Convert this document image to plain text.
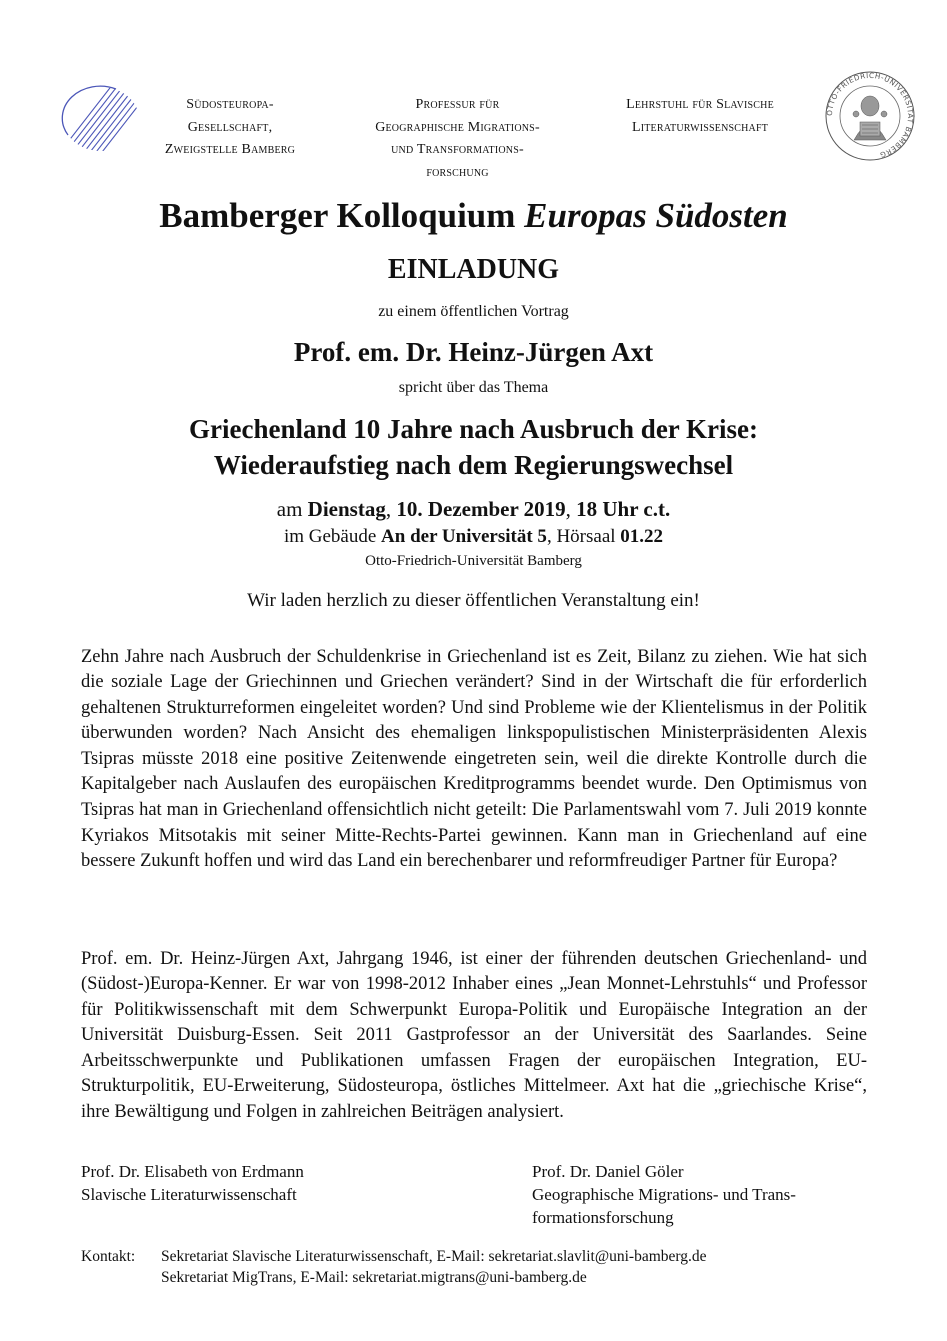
Südosteuropa-
Gesellschaft,
Zweigstelle Bamberg
Professur für
Geographische Migrations-
und Transformations-
forschung
Lehrstuhl für Slavische
Literaturwissenschaft
OTTO-FRIEDRICH-UNIVERSITÄT BAMBERG
Bamberger Kolloquium Europas Südosten
EINLADUNG
zu einem öffentlichen Vortrag
Prof. em. Dr. Heinz-Jürgen Axt
spricht über das Thema
Griechenland 10 Jahre nach Ausbruch der Krise:
Wiederaufstieg nach dem Regierungswechsel
am Dienstag, 10. Dezember 2019, 18 Uhr c.t.
im Gebäude An der Universität 5, Hörsaal 01.22
Otto-Friedrich-Universität Bamberg
Wir laden herzlich zu dieser öffentlichen Veranstaltung ein!

Zehn Jahre nach Ausbruch der Schuldenkrise in Griechenland ist es Zeit, Bilanz zu ziehen. Wie hat sich die soziale Lage der Griechinnen und Griechen verändert? Sind in der Wirtschaft die für erforderlich gehaltenen Strukturreformen eingeleitet worden? Und sind Probleme wie der Klientelismus in der Politik überwunden worden? Nach Ansicht des ehemaligen linkspopulistischen Ministerpräsidenten Alexis Tsipras müsste 2018 eine positive Zeitenwende eingetreten sein, weil die direkte Kontrolle durch die Kapitalgeber nach Auslaufen des europäischen Kreditprogramms beendet wurde. Den Optimismus von Tsipras hat man in Griechenland offensichtlich nicht geteilt: Die Parlamentswahl vom 7. Juli 2019 konnte Kyriakos Mitsotakis mit seiner Mitte-Rechts-Partei gewinnen. Kann man in Griechenland auf eine bessere Zukunft hoffen und wird das Land ein berechenbarer und reformfreudiger Partner für Europa?

Prof. em. Dr. Heinz-Jürgen Axt, Jahrgang 1946, ist einer der führenden deutschen Griechenland- und (Südost-)Europa-Kenner. Er war von 1998-2012 Inhaber eines „Jean Monnet-Lehrstuhls“ und Professor für Politikwissenschaft mit dem Schwerpunkt Europa-Politik und Europäische Integration an der Universität Duisburg-Essen. Seit 2011 Gastprofessor an der Universität des Saarlandes. Seine Arbeitsschwerpunkte und Publikationen umfassen Fragen der europäischen Integration, EU-Strukturpolitik, EU-Erweiterung, Südosteuropa, östliches Mittelmeer. Axt hat die „griechische Krise“, ihre Bewältigung und Folgen in zahlreichen Beiträgen analysiert.

Prof. Dr. Elisabeth von Erdmann
Slavische Literaturwissenschaft
Prof. Dr. Daniel Göler
Geographische Migrations- und Trans-
formationsforschung
Kontakt: Sekretariat Slavische Literaturwissenschaft, E-Mail: sekretariat.slavlit@uni-bamberg.de
Sekretariat MigTrans, E-Mail: sekretariat.migtrans@uni-bamberg.de
